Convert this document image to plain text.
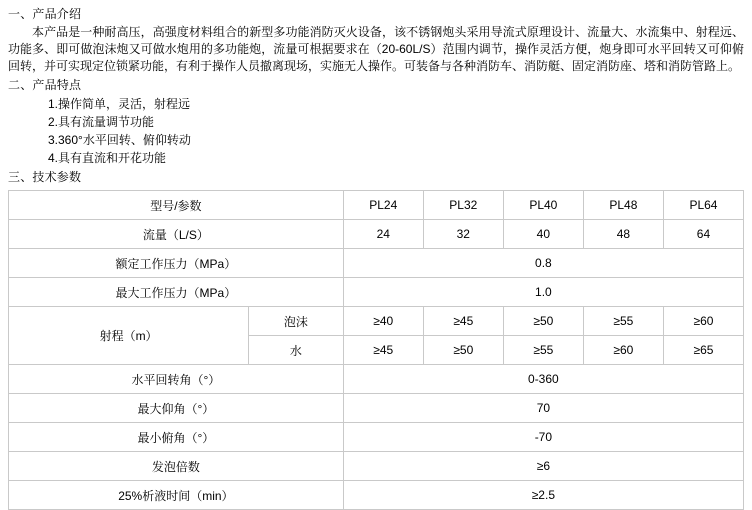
一、产品介绍

本产品是一种耐高压，高强度材料组合的新型多功能消防灭火设备，该不锈钢炮头采用导流式原理设计、流量大、水流集中、射程远、功能多、即可做泡沫炮又可做水炮用的多功能炮，流量可根据要求在（20-60L/S）范围内调节，操作灵活方便，炮身即可水平回转又可仰俯回转，并可实现定位锁紧功能，有利于操作人员撤离现场，实施无人操作。可装备与各种消防车、消防艇、固定消防座、塔和消防管路上。

二、产品特点
1.操作简单，灵活，射程远
2.具有流量调节功能
3.360°水平回转、俯仰转动
4.具有直流和开花功能
三、技术参数
型号/参数		PL24	PL32	PL40	PL48	PL64
流量（L/S）		24	32	40	48	64
额定工作压力（MPa）		0.8				
最大工作压力（MPa）		1.0				
射程（m）	泡沫	≥40	≥45	≥50	≥55	≥60
	水	≥45	≥50	≥55	≥60	≥65
水平回转角（°）		0-360				
最大仰角（°）		70				
最小俯角（°）		-70				
发泡倍数		≥6				
25%析液时间（min）		≥2.5				
